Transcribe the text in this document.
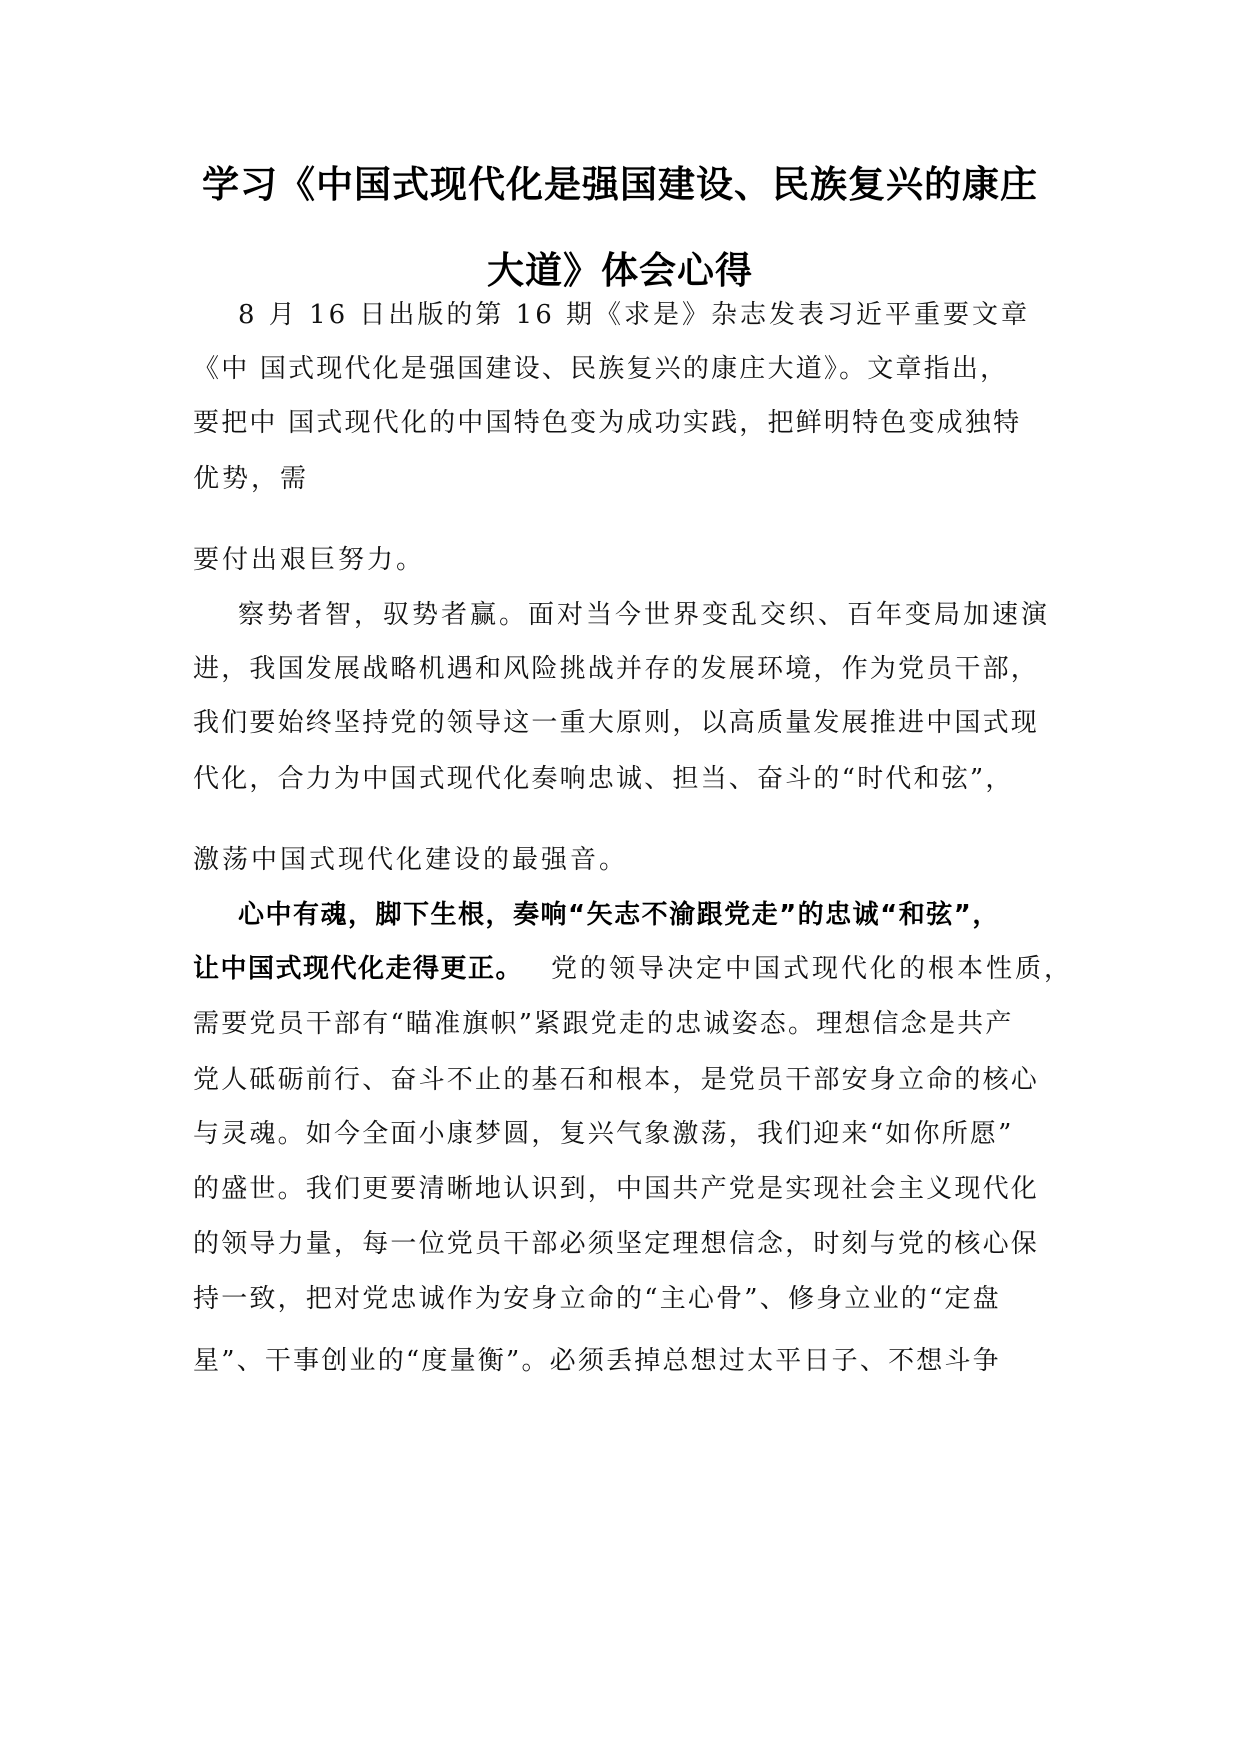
学习《中国式现代化是强国建设、民族复兴的康庄
大道》体会心得
8 月 16 日出版的第 16 期《求是》杂志发表习近平重要文章
《中 国式现代化是强国建设、民族复兴的康庄大道》。文章指出，
要把中 国式现代化的中国特色变为成功实践，把鲜明特色变成独特
优势，需
要付出艰巨努力。
察势者智，驭势者赢。面对当今世界变乱交织、百年变局加速演
进，我国发展战略机遇和风险挑战并存的发展环境，作为党员干部，
我们要始终坚持党的领导这一重大原则，以高质量发展推进中国式现
代化，合力为中国式现代化奏响忠诚、担当、奋斗的“时代和弦”，
激荡中国式现代化建设的最强音。
心中有魂，脚下生根，奏响“矢志不渝跟党走”的忠诚“和弦”，
让中国式现代化走得更正。 党的领导决定中国式现代化的根本性质，
需要党员干部有“瞄准旗帜”紧跟党走的忠诚姿态。理想信念是共产
党人砥砺前行、奋斗不止的基石和根本，是党员干部安身立命的核心
与灵魂。如今全面小康梦圆，复兴气象激荡，我们迎来“如你所愿”
的盛世。我们更要清晰地认识到，中国共产党是实现社会主义现代化
的领导力量，每一位党员干部必须坚定理想信念，时刻与党的核心保
持一致，把对党忠诚作为安身立命的“主心骨”、修身立业的“定盘
星”、干事创业的“度量衡”。必须丢掉总想过太平日子、不想斗争
